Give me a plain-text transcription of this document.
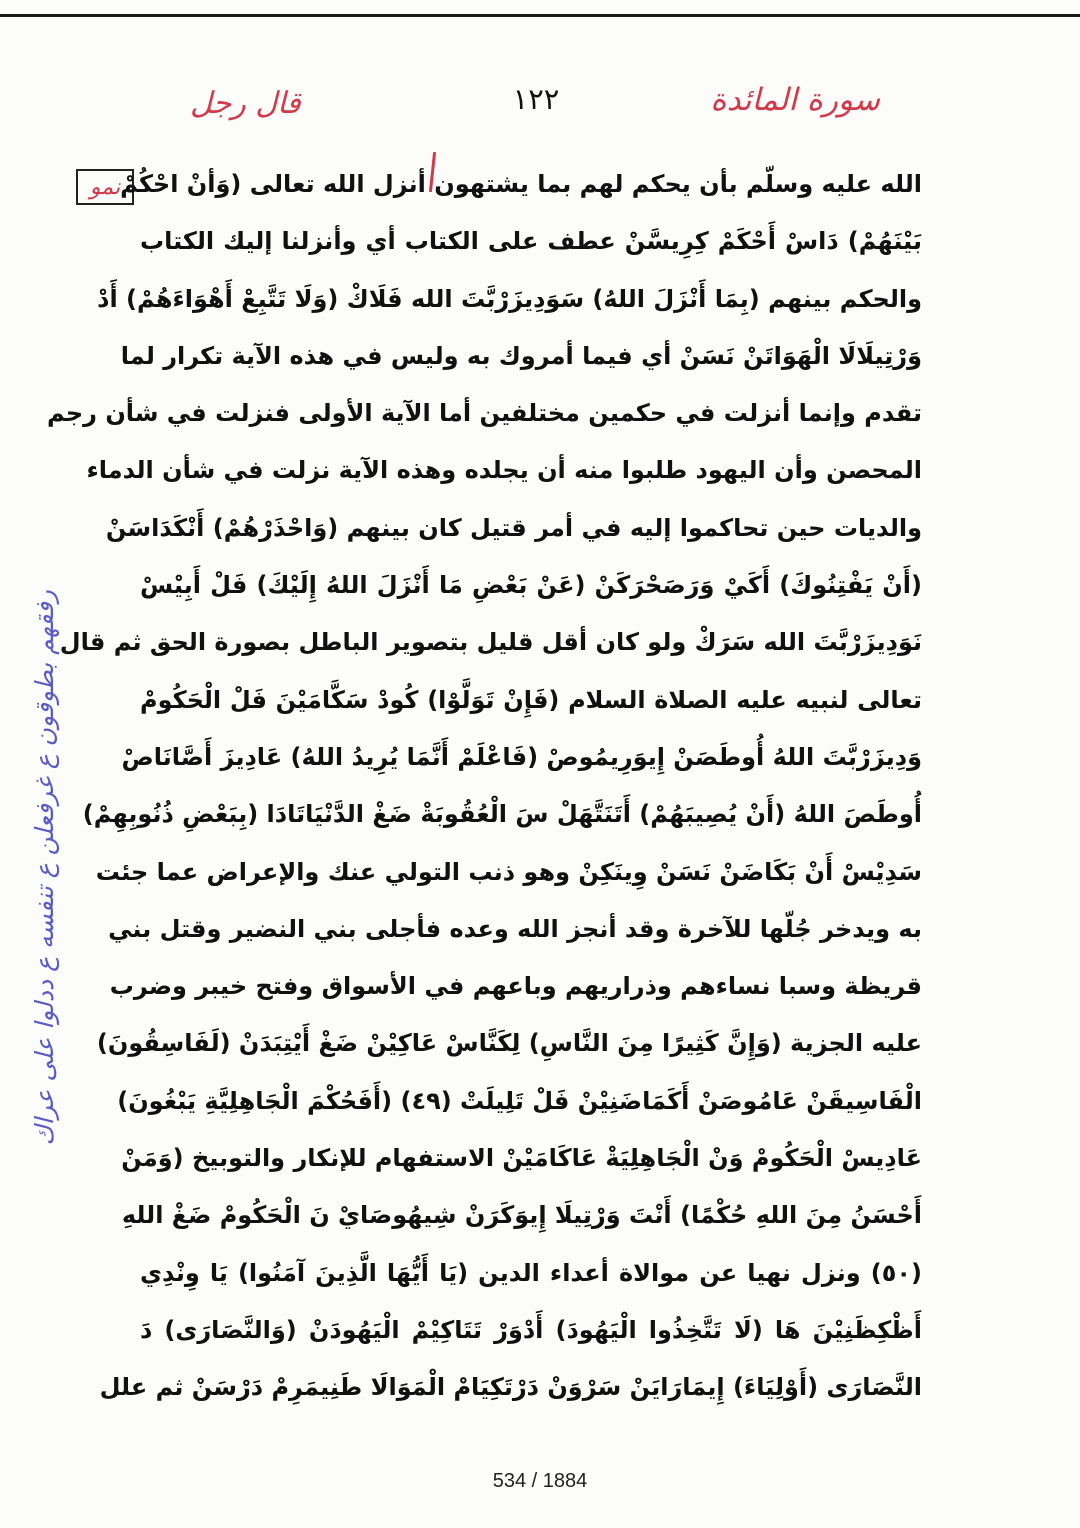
سورة المائدة
١٢٢
قال رجل
نمو الله عليه وسلّم بأن يحكم لهم بما يشتهون أنزل الله تعالى (وَأنْ احْكُمْ
بَيْنَهُمْ) دَاسْ أَحْكَمْ كِرِيسَّنْ عطف على الكتاب أي وأنزلنا إليك الكتاب
والحكم بينهم (بِمَا أَنْزَلَ اللهُ) سَوَدِيزَرْبَّتَ الله فَلَاكْ (وَلَا تَتَّبِعْ أَهْوَاءَهُمْ) أَدْ
وَرْتِيلَالَا الْهَوَاتَنْ نَسَنْ أي فيما أمروك به وليس في هذه الآية تكرار لما
تقدم وإنما أنزلت في حكمين مختلفين أما الآية الأولى فنزلت في شأن رجم
المحصن وأن اليهود طلبوا منه أن يجلده وهذه الآية نزلت في شأن الدماء
والديات حين تحاكموا إليه في أمر قتيل كان بينهم (وَاحْذَرْهُمْ) أَنْكَدَاسَنْ
(أَنْ يَفْتِنُوكَ) أَكَيْ وَرَصَحْرَكَنْ (عَنْ بَعْضِ مَا أَنْزَلَ اللهُ إِلَيْكَ) فَلْ أَبِيْسْ
نَوَدِيزَرْبَّتَ الله سَرَكْ ولو كان أقل قليل بتصوير الباطل بصورة الحق ثم قال
تعالى لنبيه عليه الصلاة السلام (فَإِنْ تَوَلَّوْا) كُودْ سَكَّامَيْنَ فَلْ الْحَكُومْ
وَدِيزَرْبَّتَ اللهُ أُوطَصَنْ إِيوَرِيمُوصْ (فَاعْلَمْ أَنَّمَا يُرِيدُ اللهُ) عَادِيزَ أَصَّانَاصْ
أُوطَصَ اللهُ (أَنْ يُصِيبَهُمْ) أَتَنَتَّهَلْ سَ الْعُقُوبَةْ ضَغْ الدَّنْيَاتَادَا (بِبَعْضِ ذُنُوبِهِمْ)
سَدِيْسْ أَنْ بَكَاضَنْ نَسَنْ وِينَكِنْ وهو ذنب التولي عنك والإعراض عما جئت
به ويدخر جُلّها للآخرة وقد أنجز الله وعده فأجلى بني النضير وقتل بني
قريظة وسبا نساءهم وذراريهم وباعهم في الأسواق وفتح خيبر وضرب
عليه الجزية (وَإِنَّ كَثِيرًا مِنَ النَّاسِ) لِكَنَّاسْ عَاكِيْنْ ضَغْ أَيْتِبَدَنْ (لَفَاسِقُونَ)
الْفَاسِيقَنْ عَامُوصَنْ أَكَمَاضَنِيْنْ فَلْ تَلِيلَتْ (٤٩) (أَفَحُكْمَ الْجَاهِلِيَّةِ يَبْغُونَ)
عَادِيسْ الْحَكُومْ وَنْ الْجَاهِلِيَةْ عَاكَامَيْنْ الاستفهام للإنكار والتوبيخ (وَمَنْ
أَحْسَنُ مِنَ اللهِ حُكْمًا) أَنْتَ وَرْتِيلَا إِيوَكَرَنْ شِيهُوصَايْ نَ الْحَكُومْ ضَغْ اللهِ
(٥٠) ونزل نهيا عن موالاة أعداء الدين (يَا أَيُّهَا الَّذِينَ آمَنُوا) يَا وِنْدِي
أَظْكِظَنِيْنَ هَا (لَا تَتَّخِذُوا الْيَهُودَ) أَدْوَرْ تَتَاكِيْمْ الْيَهُودَنْ (وَالنَّصَارَى) دَ
النَّصَارَى (أَوْلِيَاءَ) إِيمَارَايَنْ سَرْوَنْ دَرْتَكِيَامْ الْمَوَالَا طَنِيمَرِمْ دَرْسَنْ ثم علل
رفقهم بطوقون ع غرفعلن ع تنفسه ع ددلوا على عراك
534 / 1884
